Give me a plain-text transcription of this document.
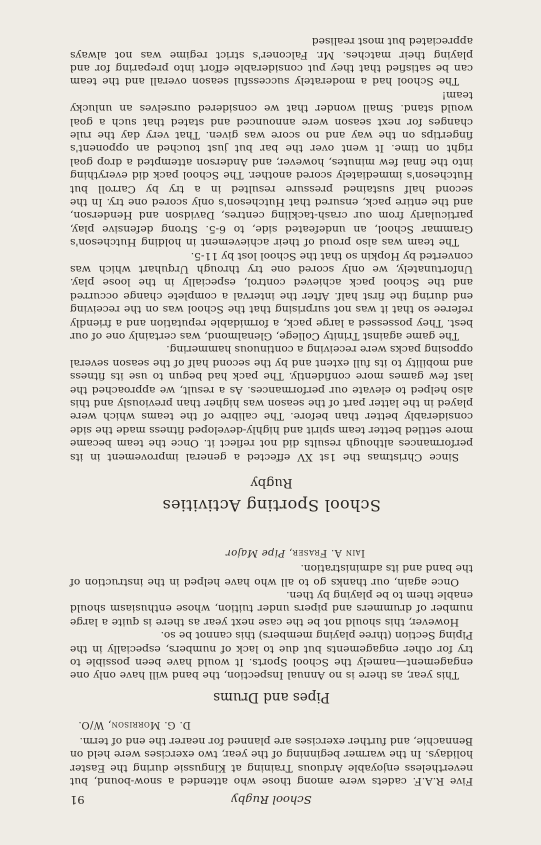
School Rugby
91

Five R.A.F. cadets were among those who attended a snow-bound, but nevertheless enjoyable Arduous Training at Kingussie during the Easter holidays. In the warmer beginning of the year, two exercises were held on Bennachie, and further exercises are planned for nearer the end of term.

D. G. Morrison, W/O.
Pipes and Drums

This year, as there is no Annual Inspection, the band will have only one engagement—namely the School Sports. It would have been possible to try for other engagements but due to lack of numbers, especially in the Piping Section (three playing members) this cannot be so.

However, this should not be the case next year as there is quite a large number of drummers and pipers under tuition, whose enthusiasm should enable them to be playing by then.

Once again, our thanks go to all who have helped in the instruction of the band and its administration.

Iain A. Fraser, Pipe Major
School Sporting Activities
Rugby

Since Christmas the 1st XV effected a general improvement in its performances although results did not reflect it. Once the team became more settled better team spirit and highly-developed fitness made the side considerably better than before. The calibre of the teams which were played in the latter part of the season was higher than previously and this also helped to elevate our performances. As a result, we approached the last few games more confidently. The pack had begun to use its fitness and mobility to its full extent and by the second half of the season several opposing packs were receiving a continuous hammering.

The game against Trinity College, Glenalmond, was certainly one of our best. They possessed a large pack, a formidable reputation and a friendly referee so that it was not surprising that the School was on the receiving end during the first half. After the interval a complete change occurred and the School pack achieved control, especially in the loose play. Unfortunately, we only scored one try through Urquhart which was converted by Hopkin so that the School lost by 11-5.

The team was also proud of their achievement in holding Hutcheson's Grammar School, an undefeated side, to 6-5. Strong defensive play, particularly from our crash-tackling centres, Davidson and Henderson, and the entire pack, ensured that Hutcheson's only scored one try. In the second half sustained pressure resulted in a try by Carroll but Hutcheson's immediately scored another. The School pack did everything into the final few minutes, however, and Anderson attempted a drop goal right on time. It went over the bar but just touched an opponent's fingertips on the way and no score was given. That very day the rule changes for next season were announced and stated that such a goal would stand. Small wonder that we considered ourselves an unlucky team!

The School had a moderately successful season overall and the team can be satisfied that they put considerable effort into preparing for and playing their matches. Mr. Falconer's strict regime was not always appreciated but most realised
